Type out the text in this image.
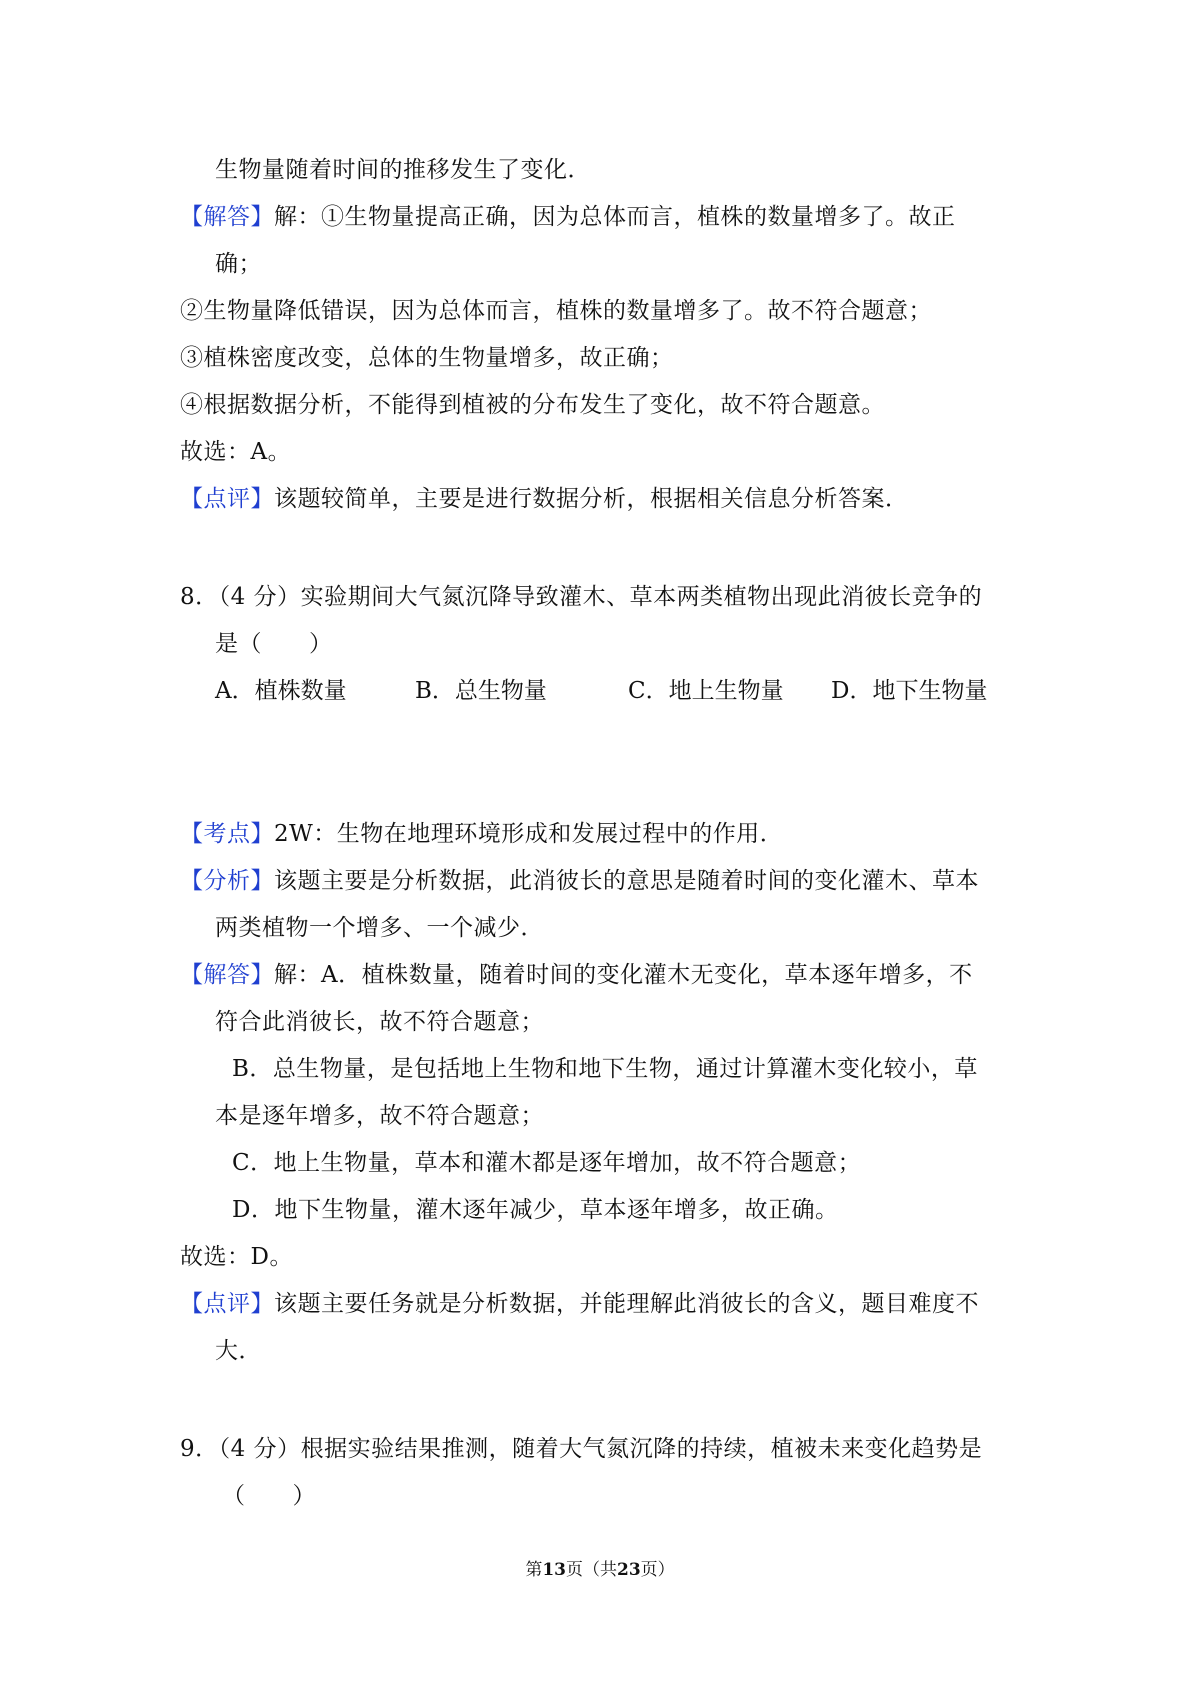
生物量随着时间的推移发生了变化．
【解答】解：①生物量提高正确，因为总体而言，植株的数量增多了。故正
确；
②生物量降低错误，因为总体而言，植株的数量增多了。故不符合题意；
③植株密度改变，总体的生物量增多，故正确；
④根据数据分析，不能得到植被的分布发生了变化，故不符合题意。
故选：A。
【点评】该题较简单，主要是进行数据分析，根据相关信息分析答案．
8．（4 分）实验期间大气氮沉降导致灌木、草本两类植物出现此消彼长竞争的
是（　　）
A．植株数量	B．总生物量	C．地上生物量 D．地下生物量
【考点】2W：生物在地理环境形成和发展过程中的作用．
【分析】该题主要是分析数据，此消彼长的意思是随着时间的变化灌木、草本
两类植物一个增多、一个减少．
【解答】解：A．植株数量，随着时间的变化灌木无变化，草本逐年增多，不
符合此消彼长，故不符合题意；
B．总生物量，是包括地上生物和地下生物，通过计算灌木变化较小，草
本是逐年增多，故不符合题意；
C．地上生物量，草本和灌木都是逐年增加，故不符合题意；
D．地下生物量，灌木逐年减少，草本逐年增多，故正确。
故选：D。
【点评】该题主要任务就是分析数据，并能理解此消彼长的含义，题目难度不
大．
9．（4 分）根据实验结果推测，随着大气氮沉降的持续，植被未来变化趋势是
（　　）
第13页（共23页）
